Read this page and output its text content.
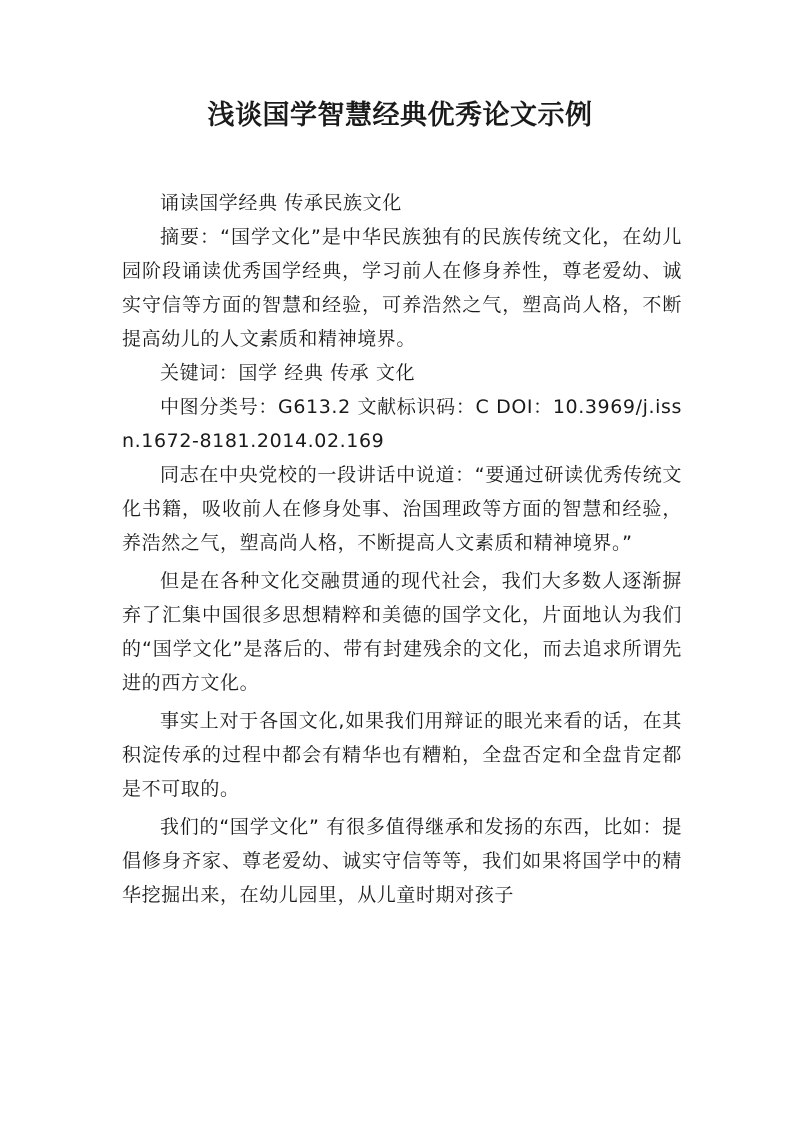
浅谈国学智慧经典优秀论文示例

诵读国学经典 传承民族文化

摘要：“国学文化”是中华民族独有的民族传统文化，在幼儿园阶段诵读优秀国学经典，学习前人在修身养性，尊老爱幼、诚实守信等方面的智慧和经验，可养浩然之气，塑高尚人格，不断提高幼儿的人文素质和精神境界。

关键词：国学 经典 传承 文化

中图分类号：G613.2 文献标识码：C DOI：10.3969/j.issn.1672-8181.2014.02.169

同志在中央党校的一段讲话中说道：“要通过研读优秀传统文化书籍，吸收前人在修身处事、治国理政等方面的智慧和经验，养浩然之气，塑高尚人格，不断提高人文素质和精神境界。”

但是在各种文化交融贯通的现代社会，我们大多数人逐渐摒弃了汇集中国很多思想精粹和美德的国学文化，片面地认为我们的“国学文化”是落后的、带有封建残余的文化，而去追求所谓先进的西方文化。

事实上对于各国文化,如果我们用辩证的眼光来看的话，在其积淀传承的过程中都会有精华也有糟粕，全盘否定和全盘肯定都是不可取的。

我们的“国学文化” 有很多值得继承和发扬的东西，比如：提倡修身齐家、尊老爱幼、诚实守信等等，我们如果将国学中的精华挖掘出来，在幼儿园里，从儿童时期对孩子
